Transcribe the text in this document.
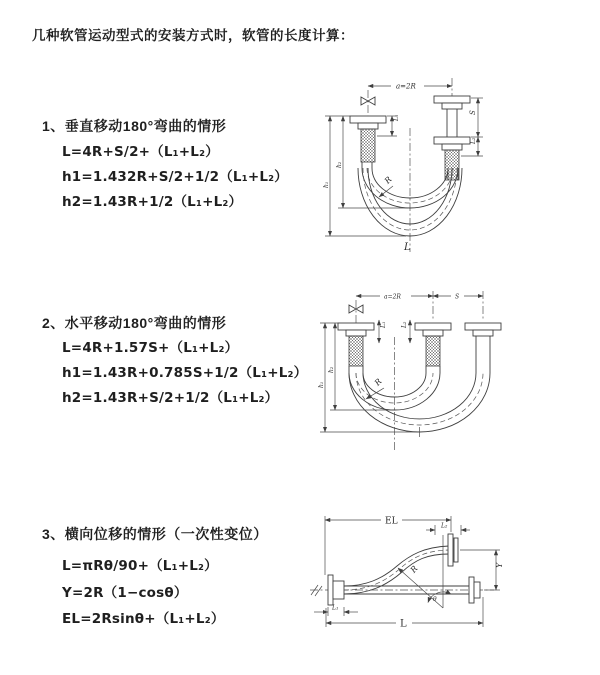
几种软管运动型式的安装方式时，软管的长度计算：
1、垂直移动180°弯曲的情形
L=4R+S/2+（L₁+L₂）
h1=1.432R+S/2+1/2（L₁+L₂）
h2=1.43R+1/2（L₁+L₂）
2、水平移动180°弯曲的情形
L=4R+1.57S+（L₁+L₂）
h1=1.43R+0.785S+1/2（L₁+L₂）
h2=1.43R+S/2+1/2（L₁+L₂）
3、横向位移的情形（一次性变位）
L=πRθ/90+（L₁+L₂）
Y=2R（1−cosθ）
EL=2Rsinθ+（L₁+L₂）
a=2R
L₁
S
L₂
h₂
h₁	R
L
a=2R	S
L₁ L₂
h₂
h₁	R
EL	L₂
R
θ
Y
L₁
L
